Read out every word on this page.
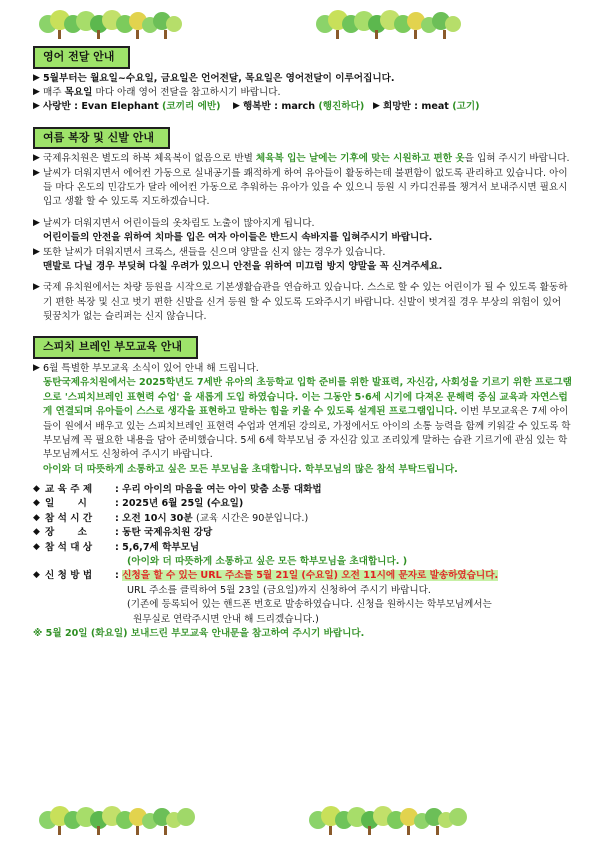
영어 전달 안내
▶ 5월부터는 월요일~수요일, 금요일은 언어전달, 목요일은 영어전달이 이루어집니다.
▶ 매주 목요일 마다 아래 영어 전달을 참고하시기 바랍니다.
▶ 사랑반 : Evan Elephant (코끼리 에반)	▶ 행복반 : march (행진하다) ▶ 희망반 : meat (고기)
여름 복장 및 신발 안내
▶ 국제유치원은 별도의 하복 체육복이 없음으로 반별 체육복 입는 날에는 기후에 맞는 시원하고 편한 옷을 입혀 주시기 바랍니다.
▶ 날씨가 더워지면서 에어컨 가동으로 실내공기를 쾌적하게 하여 유아들이 활동하는데 불편함이 없도록 관리하고 있습니다. 아이들 마다 온도의 민감도가 달라 에어컨 가동으로 추워하는 유아가 있을 수 있으니 등원 시 카디건류를 챙겨서 보내주시면 필요시 입고 생활 할 수 있도록 지도하겠습니다.
▶ 날씨가 더워지면서 어린이들의 옷차림도 노출이 많아지게 됩니다.
어린이들의 안전을 위하여 치마를 입은 여자 아이들은 반드시 속바지를 입혀주시기 바랍니다.
▶ 또한 날씨가 더워지면서 크록스, 샌들을 신으며 양말을 신지 않는 경우가 있습니다.
맨발로 다닐 경우 부딪혀 다칠 우려가 있으니 안전을 위하여 미끄럼 방지 양말을 꼭 신겨주세요.
▶ 국제 유치원에서는 차량 등원을 시작으로 기본생활습관을 연습하고 있습니다. 스스로 할 수 있는 어린이가 될 수 있도록 활동하기 편한 복장 및 신고 벗기 편한 신발을 신겨 등원 할 수 있도록 도와주시기 바랍니다. 신발이 벗겨질 경우 부상의 위험이 있어 뒷꿈치가 없는 슬리퍼는 신지 않습니다.
스피치 브레인 부모교육 안내
▶ 6월 특별한 부모교육 소식이 있어 안내 해 드립니다.
동탄국제유치원에서는 2025학년도 7세반 유아의 초등학교 입학 준비를 위한 발표력, 자신감, 사회성을 기르기 위한 프로그램으로 '스피치브레인 표현력 수업' 을 새롭게 도입 하였습니다. 이는 그동안 5·6세 시기에 다져온 문해력 중심 교육과 자연스럽게 연결되며 유아들이 스스로 생각을 표현하고 말하는 힘을 키울 수 있도록 설계된 프로그램입니다. 이번 부모교육은 7세 아이들이 원에서 배우고 있는 스피치브레인 표현력 수업과 연계된 강의로, 가정에서도 아이의 소통 능력을 함께 키워갈 수 있도록 학부모님께 꼭 필요한 내용을 담아 준비했습니다. 5세 6세 학부모님 중 자신감 있고 조리있게 말하는 습관 기르기에 관심 있는 학부모님께서도 신청하여 주시기 바랍니다.
아이와 더 따뜻하게 소통하고 싶은 모든 부모님을 초대합니다. 학부모님의 많은 참석 부탁드립니다.
◆ 교 육 주 제	: 우리 아이의 마음을 여는 아이 맞춤 소통 대화법
◆ 일       시	: 2025년 6월 25일 (수요일)
◆ 참 석 시 간	: 오전 10시 30분 (교육 시간은 90분입니다.)
◆ 장       소	: 동탄 국제유치원 강당
◆ 참 석 대 상	: 5,6,7세 학부모님
(아이와 더 따뜻하게 소통하고 싶은 모든 학부모님을 초대합니다. )
◆ 신 청 방 법	: 신청을 할 수 있는 URL 주소를 5월 21일 (수요일) 오전 11시에 문자로 발송하였습니다.
URL 주소를 클릭하여 5월 23일 (금요일)까지 신청하여 주시기 바랍니다.
(기존에 등록되어 있는 핸드폰 번호로 발송하였습니다. 신청을 원하시는 학부모님께서는
원무실로 연락주시면 안내 해 드리겠습니다.)
※ 5월 20일 (화요일) 보내드린 부모교육 안내문을 참고하여 주시기 바랍니다.
